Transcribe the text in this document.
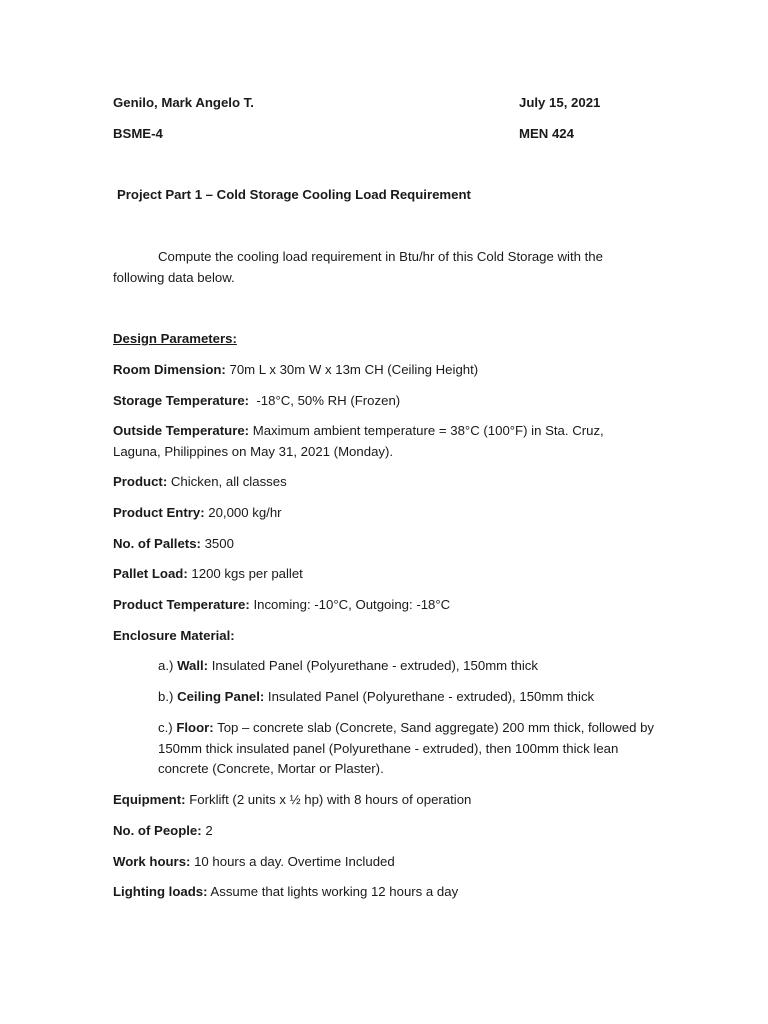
Genilo, Mark Angelo T.	July 15, 2021
BSME-4	MEN 424
Project Part 1 – Cold Storage Cooling Load Requirement
Compute the cooling load requirement in Btu/hr of this Cold Storage with the following data below.
Design Parameters:
Room Dimension: 70m L x 30m W x 13m CH (Ceiling Height)
Storage Temperature:  -18°C, 50% RH (Frozen)
Outside Temperature: Maximum ambient temperature = 38°C (100°F) in Sta. Cruz, Laguna, Philippines on May 31, 2021 (Monday).
Product: Chicken, all classes
Product Entry: 20,000 kg/hr
No. of Pallets: 3500
Pallet Load: 1200 kgs per pallet
Product Temperature: Incoming: -10°C, Outgoing: -18°C
Enclosure Material:
a.) Wall: Insulated Panel (Polyurethane - extruded), 150mm thick
b.) Ceiling Panel: Insulated Panel (Polyurethane - extruded), 150mm thick
c.) Floor: Top – concrete slab (Concrete, Sand aggregate) 200 mm thick, followed by 150mm thick insulated panel (Polyurethane - extruded), then 100mm thick lean concrete (Concrete, Mortar or Plaster).
Equipment: Forklift (2 units x ½ hp) with 8 hours of operation
No. of People: 2
Work hours: 10 hours a day. Overtime Included
Lighting loads: Assume that lights working 12 hours a day
